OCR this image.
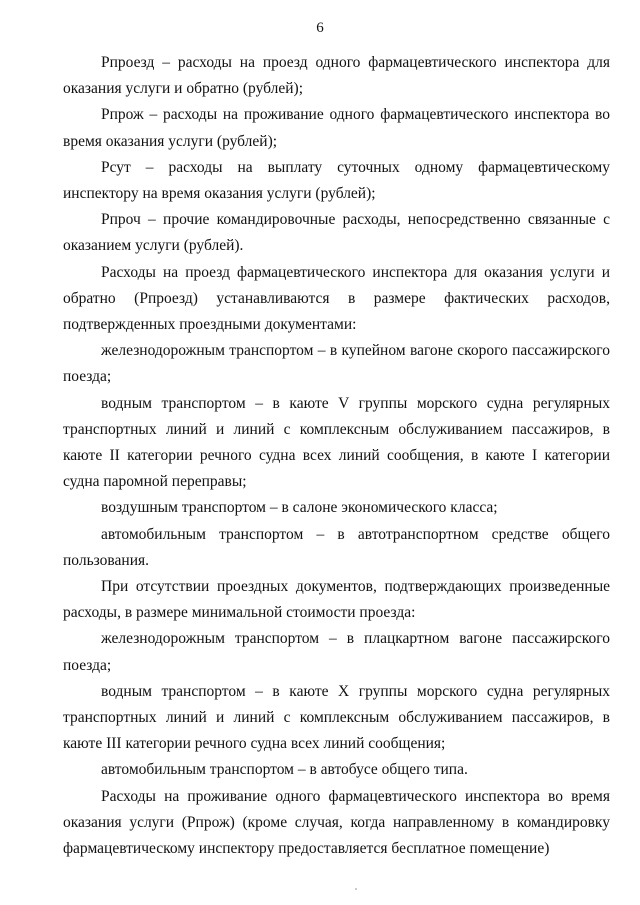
6

Рпроезд – расходы на проезд одного фармацевтического инспектора для оказания услуги и обратно (рублей);

Рпрож – расходы на проживание одного фармацевтического инспектора во время оказания услуги (рублей);

Рсут – расходы на выплату суточных одному фармацевтическому инспектору на время оказания услуги (рублей);

Рпроч – прочие командировочные расходы, непосредственно связанные с оказанием услуги (рублей).

Расходы на проезд фармацевтического инспектора для оказания услуги и обратно (Рпроезд) устанавливаются в размере фактических расходов, подтвержденных проездными документами:

железнодорожным транспортом – в купейном вагоне скорого пассажирского поезда;

водным транспортом – в каюте V группы морского судна регулярных транспортных линий и линий с комплексным обслуживанием пассажиров, в каюте II категории речного судна всех линий сообщения, в каюте I категории судна паромной переправы;

воздушным транспортом – в салоне экономического класса;

автомобильным транспортом – в автотранспортном средстве общего пользования.

При отсутствии проездных документов, подтверждающих произведенные расходы, в размере минимальной стоимости проезда:

железнодорожным транспортом – в плацкартном вагоне пассажирского поезда;

водным транспортом – в каюте X группы морского судна регулярных транспортных линий и линий с комплексным обслуживанием пассажиров, в каюте III категории речного судна всех линий сообщения;

автомобильным транспортом – в автобусе общего типа.

Расходы на проживание одного фармацевтического инспектора во время оказания услуги (Рпрож) (кроме случая, когда направленному в командировку фармацевтическому инспектору предоставляется бесплатное помещение)
